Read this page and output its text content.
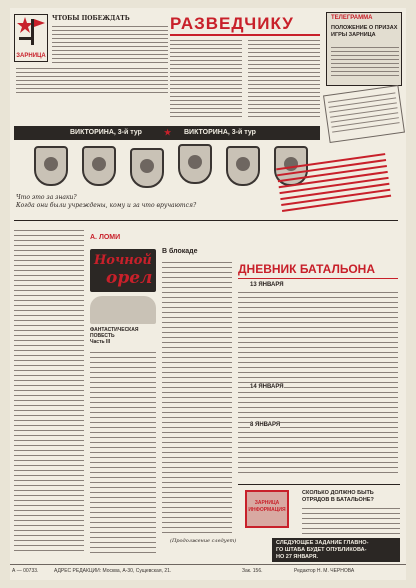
ЗАРНИЦА
ЧТОБЫ ПОБЕЖДАТЬ	РАЗВЕДЧИКУ	ТЕЛЕГРАММА
ПОЛОЖЕНИЕ О ПРИЗАХ ИГРЫ ЗАРНИЦА
ВИКТОРИНА, 3-й тур	★ ВИКТОРИНА, 3-й тур
Что это за знаки?
Когда они были учреждены, кому и за что вручаются?
А. ЛОМИ
Ночной
орел
ФАНТАСТИЧЕСКАЯ ПОВЕСТЬ
Часть III
В блокаде
(Продолжение следует)
ДНЕВНИК БАТАЛЬОНА
13 ЯНВАРЯ
14 ЯНВАРЯ
8 ЯНВАРЯ
ЗАРНИЦА ИНФОРМАЦИЯ
СКОЛЬКО ДОЛЖНО БЫТЬ ОТРЯДОВ В БАТАЛЬОНЕ?
СЛЕДУЮЩЕЕ ЗАДАНИЕ ГЛАВНО-
ГО ШТАБА БУДЕТ ОПУБЛИКОВА-
НО 27 ЯНВАРЯ.
А — 00733.	АДРЕС РЕДАКЦИИ: Москва, А-30, Сущевская, 21.	Зак. 156.	Редактор Н. М. ЧЕРНОВА
